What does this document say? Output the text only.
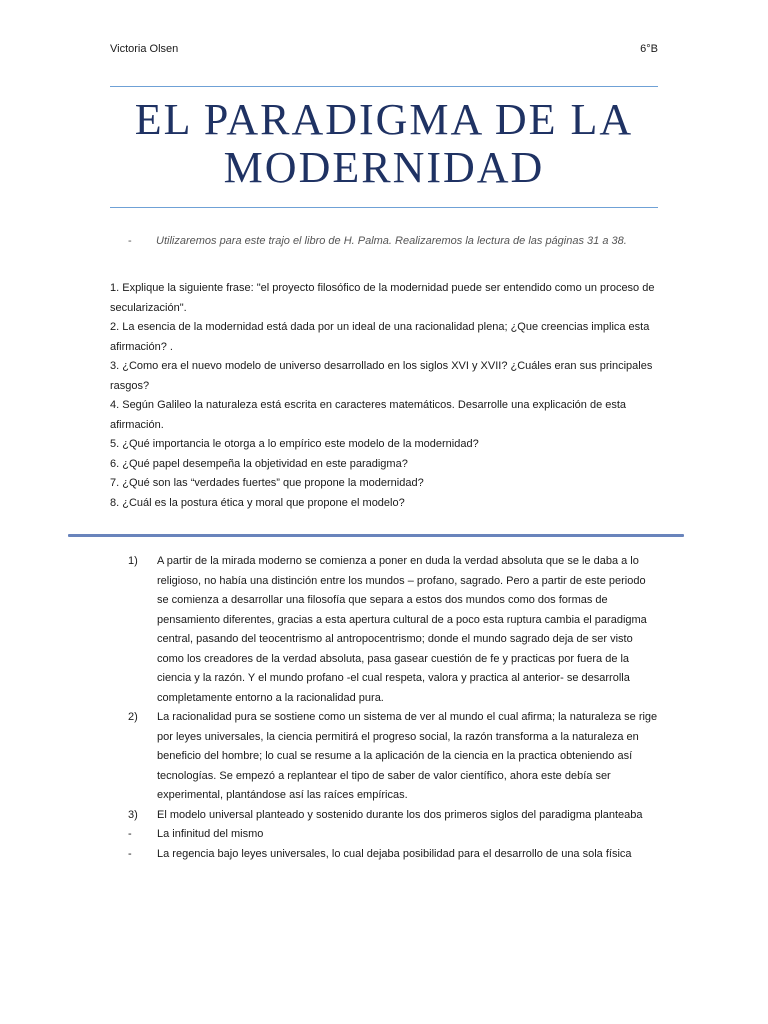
Victoria Olsen	6°B
EL PARADIGMA DE LA
MODERNIDAD
-	Utilizaremos para este trajo el libro de H. Palma. Realizaremos la lectura de las páginas 31 a 38.

1. Explique la siguiente frase: "el proyecto filosófico de la modernidad puede ser entendido como un proceso de secularización".

2. La esencia de la modernidad está dada por un ideal de una racionalidad plena; ¿Que creencias implica esta afirmación? .

3. ¿Como era el nuevo modelo de universo desarrollado en los siglos XVI y XVII? ¿Cuáles eran sus principales rasgos?

4. Según Galileo la naturaleza está escrita en caracteres matemáticos. Desarrolle una explicación de esta afirmación.

5. ¿Qué importancia le otorga a lo empírico este modelo de la modernidad?

6. ¿Qué papel desempeña la objetividad en este paradigma?

7. ¿Qué son las “verdades fuertes” que propone la modernidad?

8. ¿Cuál es la postura ética y moral que propone el modelo?

1)	A partir de la mirada moderno se comienza a poner en duda la verdad absoluta que se le daba a lo religioso, no había una distinción entre los mundos – profano, sagrado. Pero a partir de este periodo se comienza a desarrollar una filosofía que separa a estos dos mundos como dos formas de pensamiento diferentes, gracias a esta apertura cultural de a poco esta ruptura cambia el paradigma central, pasando del teocentrismo al antropocentrismo; donde el mundo sagrado deja de ser visto como los creadores de la verdad absoluta, pasa gasear cuestión de fe y practicas por fuera de la ciencia y la razón. Y el mundo profano -el cual respeta, valora y practica al anterior- se desarrolla completamente entorno a la racionalidad pura.
2)	La racionalidad pura se sostiene como un sistema de ver al mundo el cual afirma; la naturaleza se rige por leyes universales, la ciencia permitirá el progreso social, la razón transforma a la naturaleza en beneficio del hombre; lo cual se resume a la aplicación de la ciencia en la practica obteniendo así tecnologías. Se empezó a replantear el tipo de saber de valor científico, ahora este debía ser experimental, plantándose así las raíces empíricas.
3)	El modelo universal planteado y sostenido durante los dos primeros siglos del paradigma planteaba
-	La infinitud del mismo
-	La regencia bajo leyes universales, lo cual dejaba posibilidad para el desarrollo de una sola física
